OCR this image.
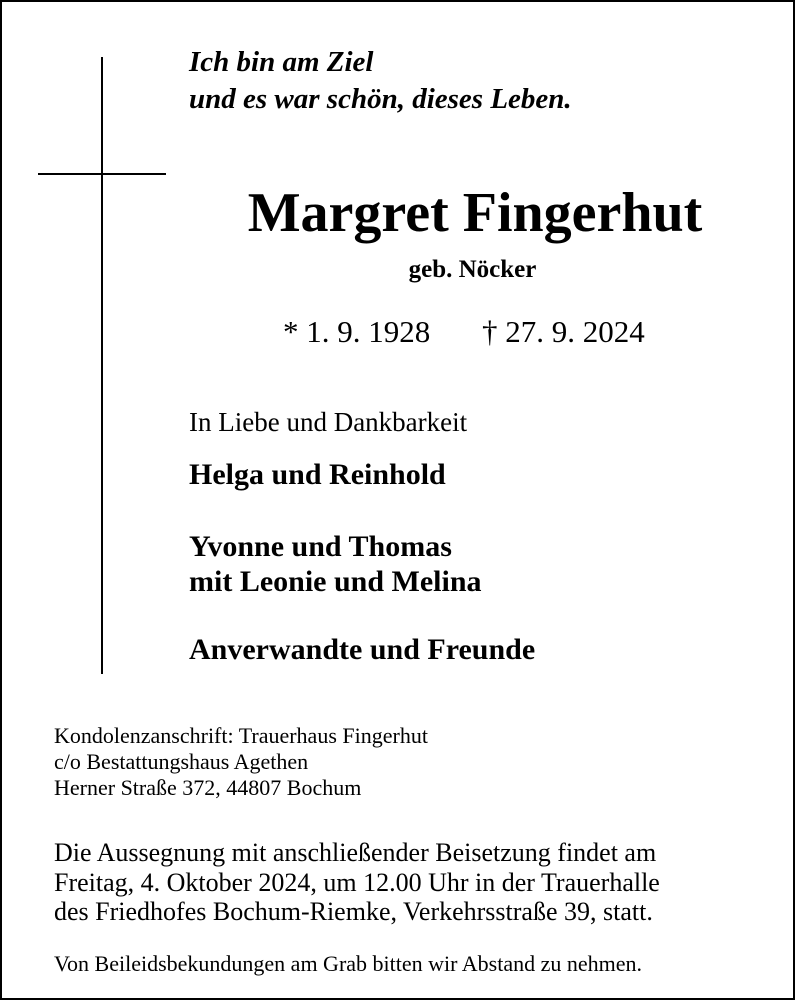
Ich bin am Ziel
und es war schön, dieses Leben.
Margret Fingerhut
geb. Nöcker
* 1. 9. 1928 † 27. 9. 2024
In Liebe und Dankbarkeit
Helga und Reinhold
Yvonne und Thomas
mit Leonie und Melina
Anverwandte und Freunde
Kondolenzanschrift: Trauerhaus Fingerhut
c/o Bestattungshaus Agethen
Herner Straße 372, 44807 Bochum
Die Aussegnung mit anschließender Beisetzung findet am
Freitag, 4. Oktober 2024, um 12.00 Uhr in der Trauerhalle
des Friedhofes Bochum-Riemke, Verkehrsstraße 39, statt.
Von Beileidsbekundungen am Grab bitten wir Abstand zu nehmen.
